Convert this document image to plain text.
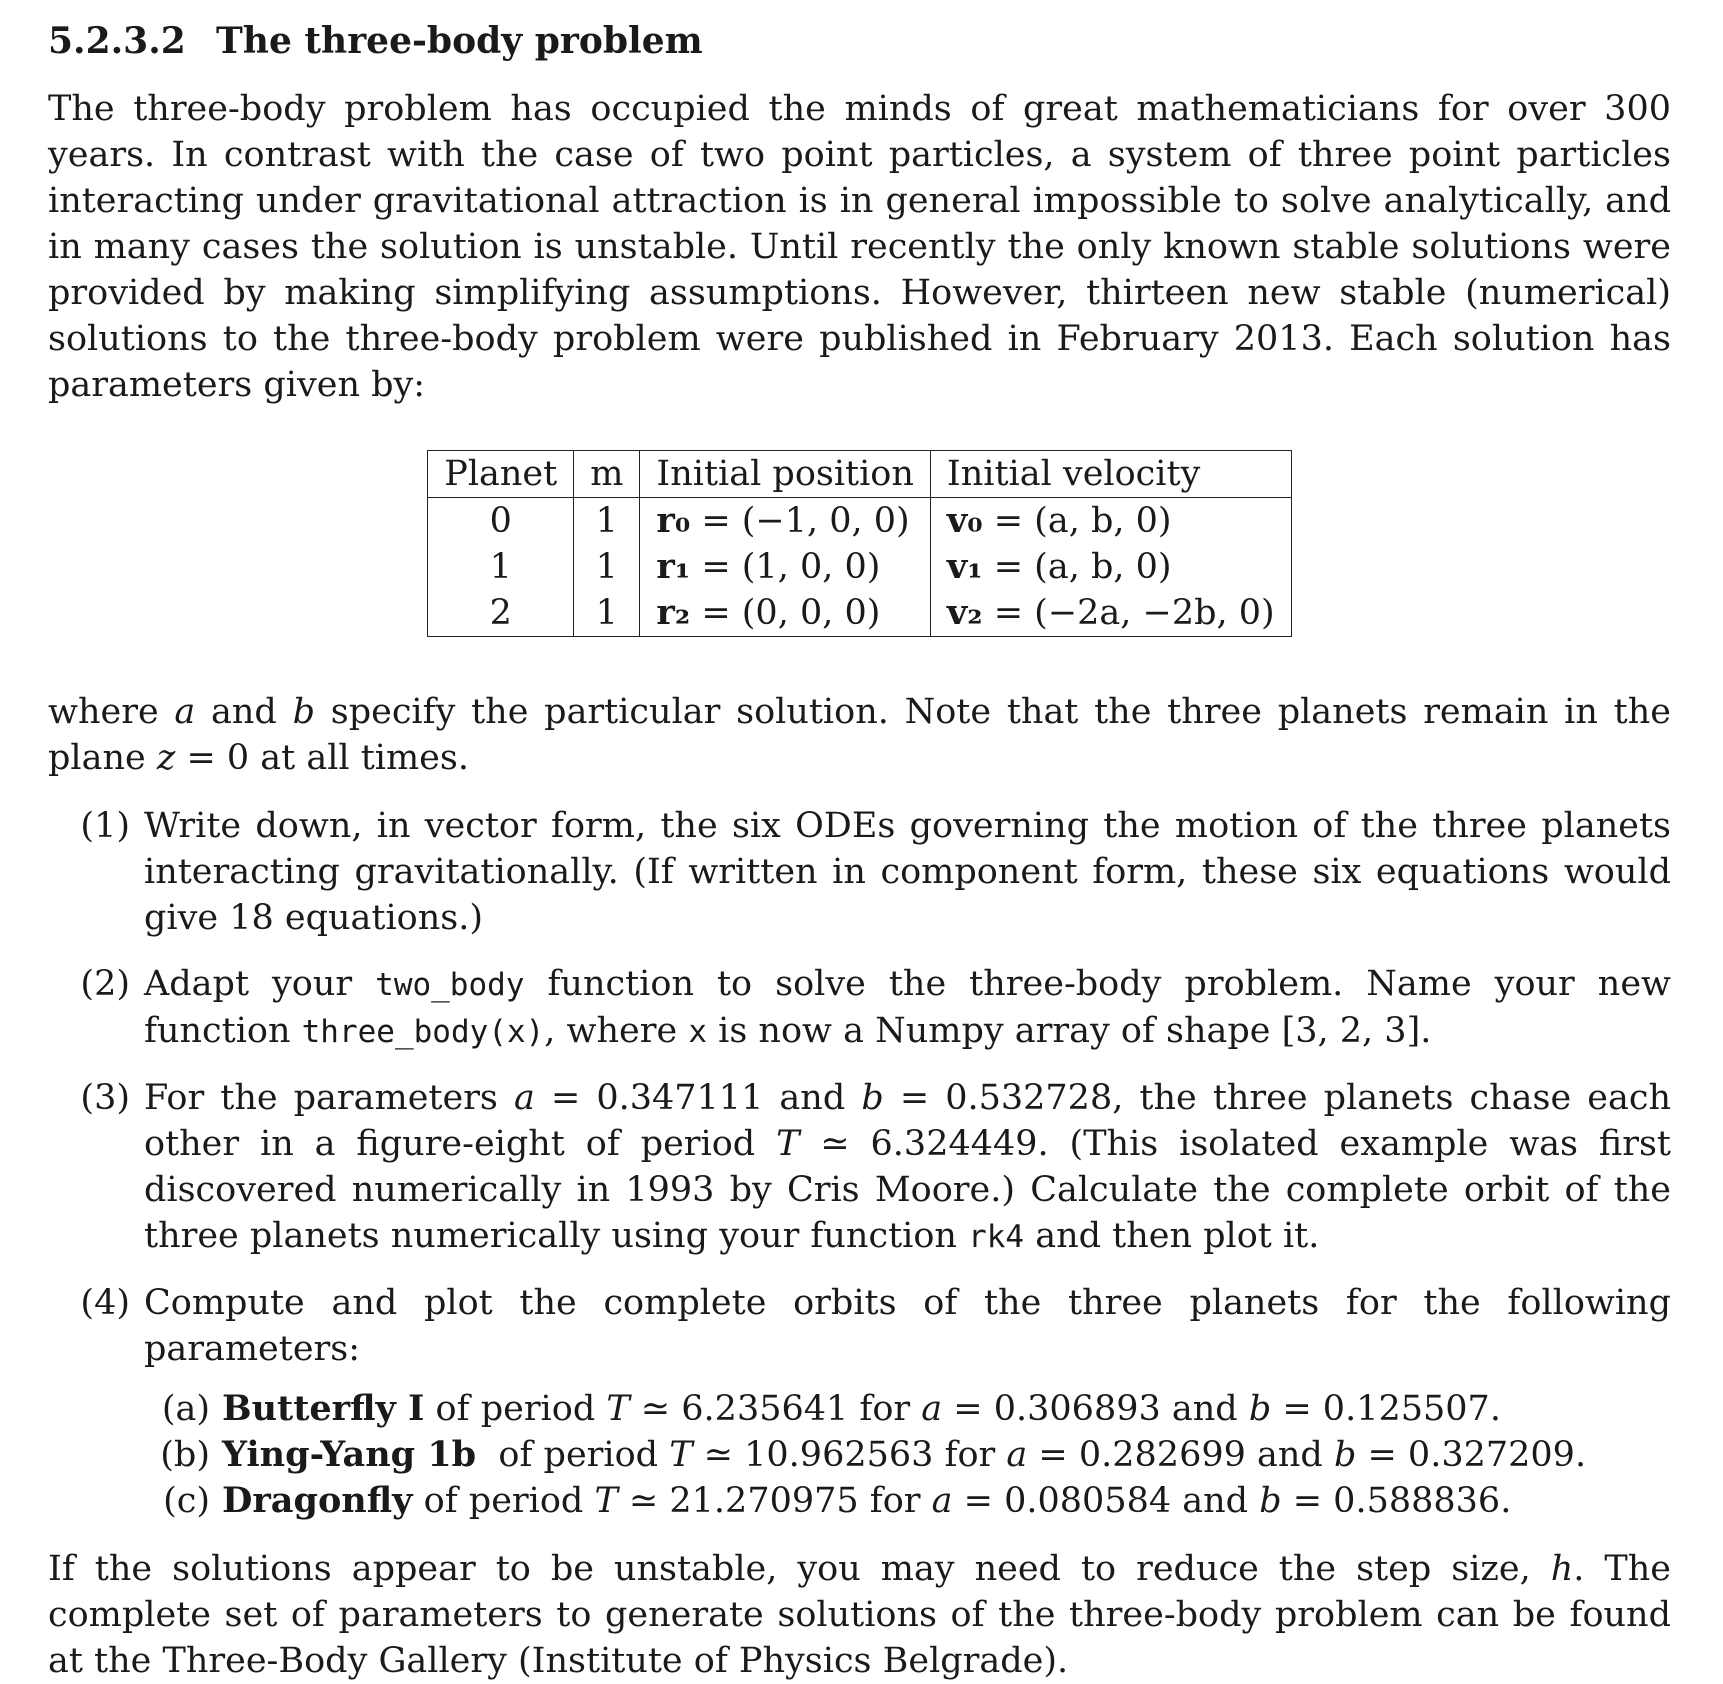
5.2.3.2 The three-body problem

The three-body problem has occupied the minds of great mathematicians for over 300 years. In contrast with the case of two point particles, a system of three point particles interacting under gravitational attraction is in general impossible to solve analytically, and in many cases the solution is unstable. Until recently the only known stable solutions were provided by making simplifying assumptions. However, thirteen new stable (numerical) solutions to the three-body problem were published in February 2013. Each solution has parameters given by:

Planet	m	Initial position	Initial velocity
0	1	r₀ = (−1, 0, 0)	v₀ = (a, b, 0)
1	1	r₁ = (1, 0, 0)	v₁ = (a, b, 0)
2	1	r₂ = (0, 0, 0)	v₂ = (−2a, −2b, 0)

where a and b specify the particular solution. Note that the three planets remain in the plane z = 0 at all times.

(1) Write down, in vector form, the six ODEs governing the motion of the three planets interacting gravitationally. (If written in component form, these six equations would give 18 equations.)
(2) Adapt your two_body function to solve the three-body problem. Name your new function three_body(x), where x is now a Numpy array of shape [3, 2, 3].
(3) For the parameters a = 0.347111 and b = 0.532728, the three planets chase each other in a figure-eight of period T ≃ 6.324449. (This isolated example was first discovered numerically in 1993 by Cris Moore.) Calculate the complete orbit of the three planets numerically using your function rk4 and then plot it.
(4) Compute and plot the complete orbits of the three planets for the following parameters:
(a) Butterfly I of period T ≃ 6.235641 for a = 0.306893 and b = 0.125507.
(b) Ying-Yang 1b  of period T ≃ 10.962563 for a = 0.282699 and b = 0.327209.
(c) Dragonfly of period T ≃ 21.270975 for a = 0.080584 and b = 0.588836.

If the solutions appear to be unstable, you may need to reduce the step size, h. The complete set of parameters to generate solutions of the three-body problem can be found at the Three-Body Gallery (Institute of Physics Belgrade).
